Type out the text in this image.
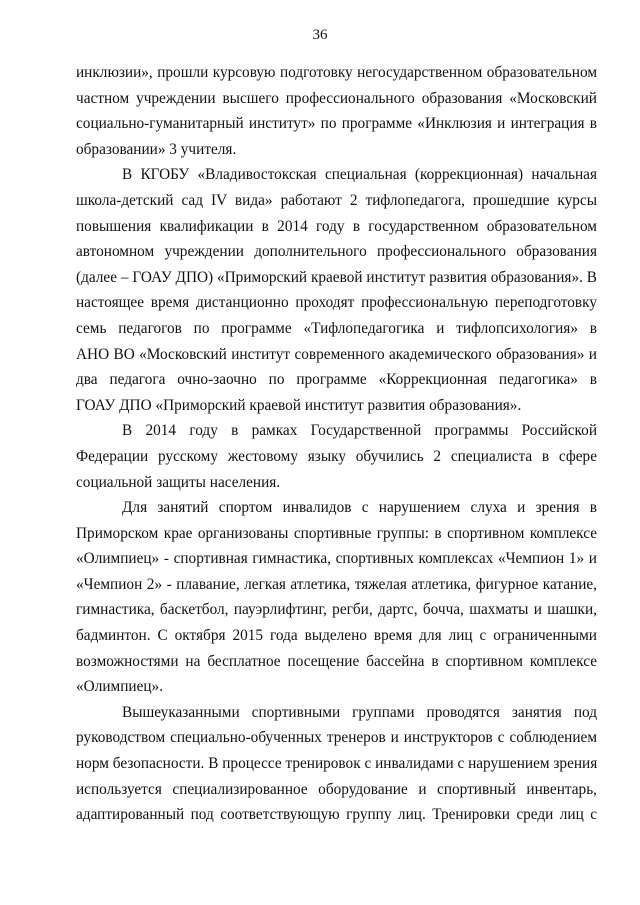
36

инклюзии», прошли курсовую подготовку негосударственном образовательном
частном учреждении высшего профессионального образования «Московский
социально-гуманитарный институт» по программе «Инклюзия и интеграция в
образовании» 3 учителя.

В КГОБУ «Владивостокская специальная (коррекционная) начальная
школа-детский сад IV вида» работают 2 тифлопедагога, прошедшие курсы
повышения квалификации в 2014 году в государственном образовательном
автономном учреждении дополнительного профессионального образования
(далее – ГОАУ ДПО) «Приморский краевой институт развития образования». В
настоящее время дистанционно проходят профессиональную переподготовку
семь педагогов по программе «Тифлопедагогика и тифлопсихология» в
АНО ВО «Московский институт современного академического образования» и
два педагога очно-заочно по программе «Коррекционная педагогика» в
ГОАУ ДПО «Приморский краевой институт развития образования».

В 2014 году в рамках Государственной программы Российской
Федерации русскому жестовому языку обучились 2 специалиста в сфере
социальной защиты населения.

Для занятий спортом инвалидов с нарушением слуха и зрения в
Приморском крае организованы спортивные группы: в спортивном комплексе
«Олимпиец» - спортивная гимнастика, спортивных комплексах «Чемпион 1» и
«Чемпион 2» - плавание, легкая атлетика, тяжелая атлетика, фигурное катание,
гимнастика, баскетбол, пауэрлифтинг, регби, дартс, бочча, шахматы и шашки,
бадминтон. С октября 2015 года выделено время для лиц с ограниченными
возможностями на бесплатное посещение бассейна в спортивном комплексе
«Олимпиец».

Вышеуказанными спортивными группами проводятся занятия под
руководством специально-обученных тренеров и инструкторов с соблюдением
норм безопасности. В процессе тренировок с инвалидами с нарушением зрения
используется специализированное оборудование и спортивный инвентарь,
адаптированный под соответствующую группу лиц. Тренировки среди лиц с
